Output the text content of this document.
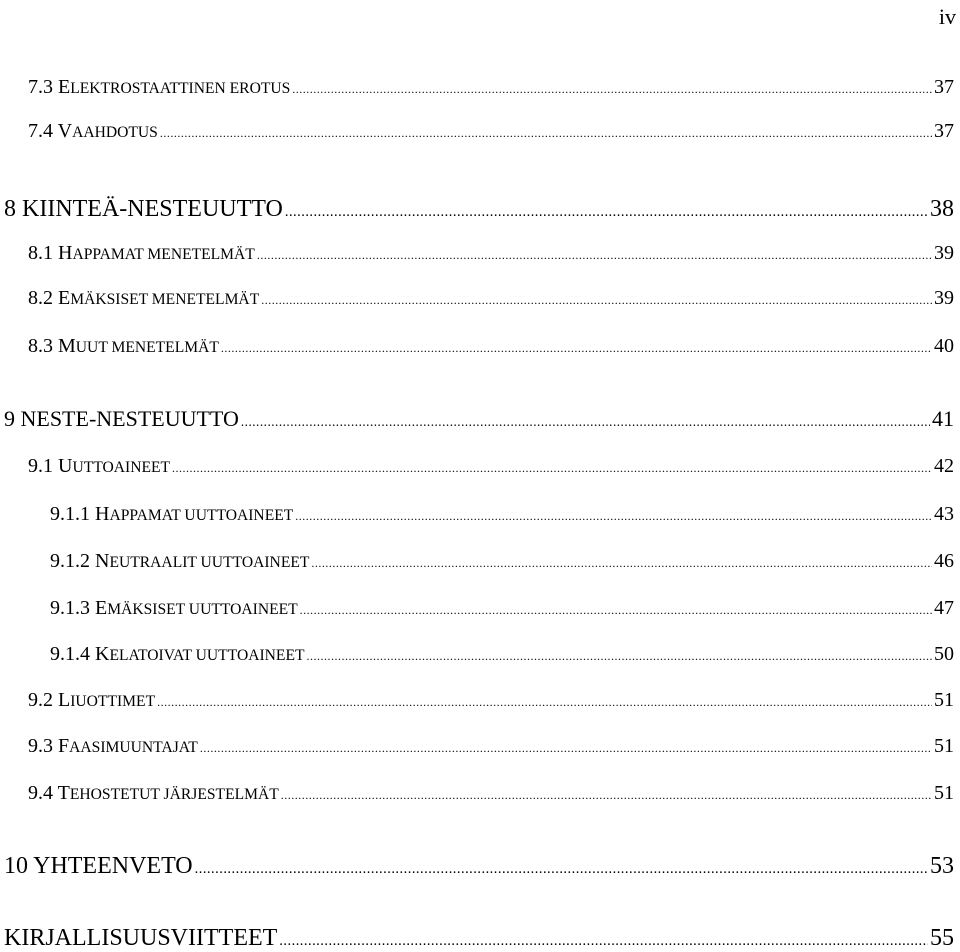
iv
7.3 ELEKTROSTAATTINEN EROTUS .....	37
7.4 VAAHDOTUS .....	37
8 KIINTEÄ-NESTEUUTTO .....	38
8.1 HAPPAMAT MENETELMÄT .....	39
8.2 EMÄKSISET MENETELMÄT .....	39
8.3 MUUT MENETELMÄT .....	40
9 NESTE-NESTEUUTTO .....	41
9.1 UUTTOAINEET .....	42
9.1.1 HAPPAMAT UUTTOAINEET .....	43
9.1.2 NEUTRAALIT UUTTOAINEET .....	46
9.1.3 EMÄKSISET UUTTOAINEET .....	47
9.1.4 KELATOIVAT UUTTOAINEET .....	50
9.2 LIUOTTIMET .....	51
9.3 FAASIMUUNTAJAT .....	51
9.4 TEHOSTETUT JÄRJESTELMÄT .....	51
10 YHTEENVETO .....	53
KIRJALLISUUSVIITTEET .....	55
